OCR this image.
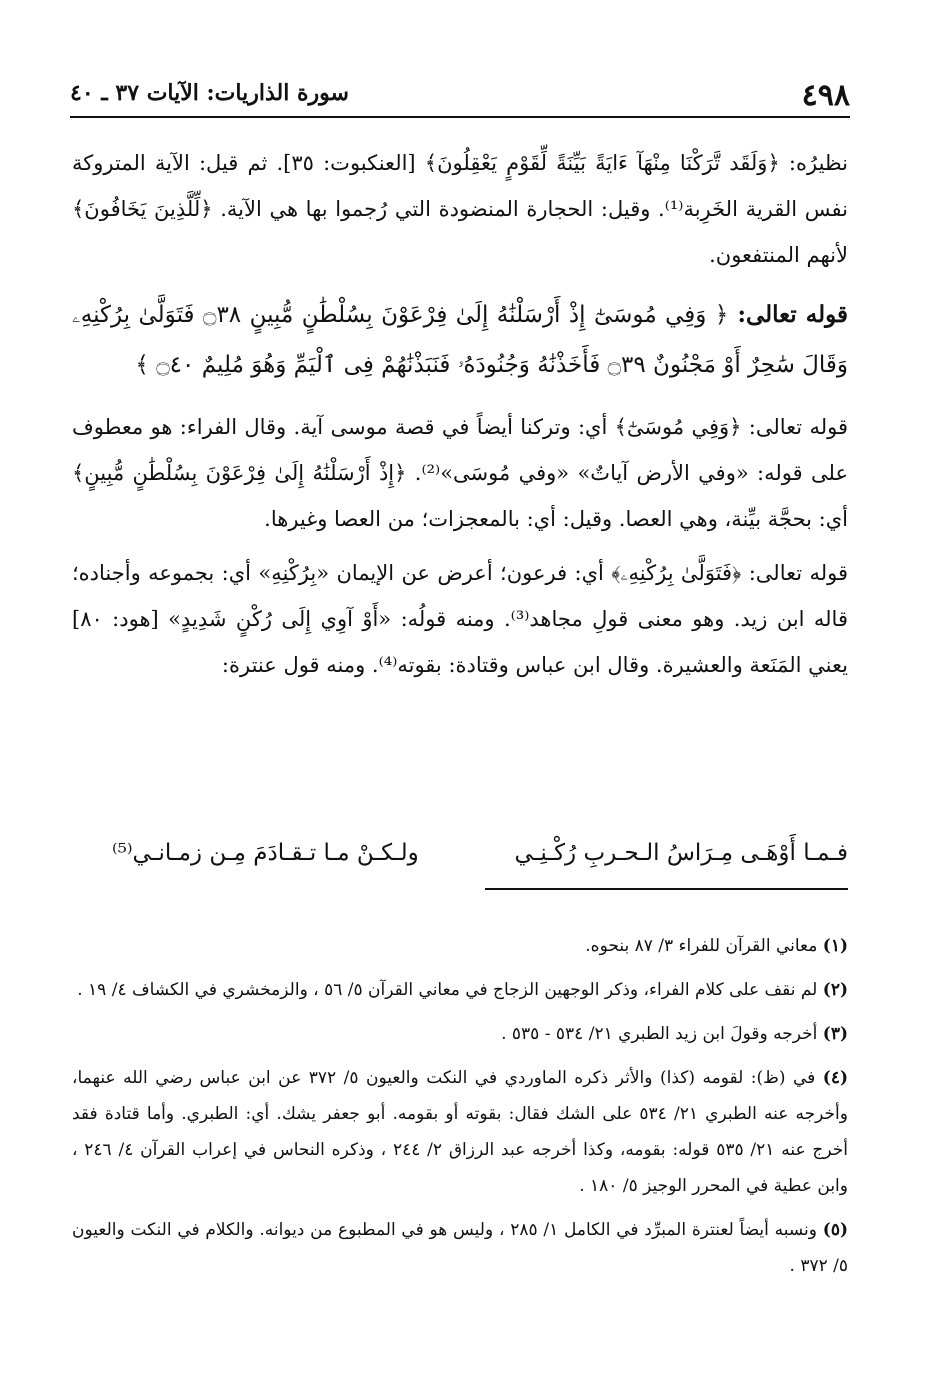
٤٩٨
سورة الذاريات: الآيات ٣٧ ـ ٤٠

نظيرُه: ﴿وَلَقَد تَّرَكْنَا مِنْهَآ ءَايَةً بَيِّنَةً لِّقَوْمٍ يَعْقِلُونَ﴾ [العنكبوت: ٣٥]. ثم قيل: الآية المتروكة نفس القرية الخَرِبة⁽¹⁾. وقيل: الحجارة المنضودة التي رُجموا بها هي الآية. ﴿لِّلَّذِينَ يَخَافُونَ﴾ لأنهم المنتفعون.

قوله تعالى: ﴿ وَفِي مُوسَىٰٓ إِذْ أَرْسَلْنَٰهُ إِلَىٰ فِرْعَوْنَ بِسُلْطَٰنٍ مُّبِينٍ ۝٣٨ فَتَوَلَّىٰ بِرُكْنِهِۦ وَقَالَ سَٰحِرٌ أَوْ مَجْنُونٌ ۝٣٩ فَأَخَذْنَٰهُ وَجُنُودَهُۥ فَنَبَذْنَٰهُمْ فِى ٱلْيَمِّ وَهُوَ مُلِيمٌ ۝٤٠ ﴾

قوله تعالى: ﴿وَفِي مُوسَىٰٓ﴾ أي: وتركنا أيضاً في قصة موسى آية. وقال الفراء: هو معطوف على قوله: «وفي الأرض آياتٌ» «وفي مُوسَى»⁽²⁾. ﴿إِذْ أَرْسَلْنَٰهُ إِلَىٰ فِرْعَوْنَ بِسُلْطَٰنٍ مُّبِينٍ﴾ أي: بحجَّة بيِّنة، وهي العصا. وقيل: أي: بالمعجزات؛ من العصا وغيرها.

قوله تعالى: ﴿فَتَوَلَّىٰ بِرُكْنِهِۦ﴾ أي: فرعون؛ أعرض عن الإيمان «بِرُكْنِهِ» أي: بجموعه وأجناده؛ قاله ابن زيد. وهو معنى قولِ مجاهد⁽³⁾. ومنه قولُه: «أَوْ آوِي إِلَى رُكْنٍ شَدِيدٍ» [هود: ٨٠] يعني المَنَعة والعشيرة. وقال ابن عباس وقتادة: بقوته⁽⁴⁾. ومنه قول عنترة:

فـمـا أَوْهَـى مِـرَاسُ الـحـربِ رُكْـنِـي
ولـكـنْ مـا تـقـادَمَ مِـن زمـانـي⁽⁵⁾

(١) معاني القرآن للفراء ٣/ ٨٧ بنحوه.

(٢) لم نقف على كلام الفراء، وذكر الوجهين الزجاج في معاني القرآن ٥/ ٥٦ ، والزمخشري في الكشاف ٤/ ١٩ .

(٣) أخرجه وقولَ ابن زيد الطبري ٢١/ ٥٣٤ - ٥٣٥ .

(٤) في (ظ): لقومه (كذا) والأثر ذكره الماوردي في النكت والعيون ٥/ ٣٧٢ عن ابن عباس رضي الله عنهما، وأخرجه عنه الطبري ٢١/ ٥٣٤ على الشك فقال: بقوته أو بقومه. أبو جعفر يشك. أي: الطبري. وأما قتادة فقد أخرج عنه ٢١/ ٥٣٥ قوله: بقومه، وكذا أخرجه عبد الرزاق ٢/ ٢٤٤ ، وذكره النحاس في إعراب القرآن ٤/ ٢٤٦ ، وابن عطية في المحرر الوجيز ٥/ ١٨٠ .

(٥) ونسبه أيضاً لعنترة المبرِّد في الكامل ١/ ٢٨٥ ، وليس هو في المطبوع من ديوانه. والكلام في النكت والعيون ٥/ ٣٧٢ .
